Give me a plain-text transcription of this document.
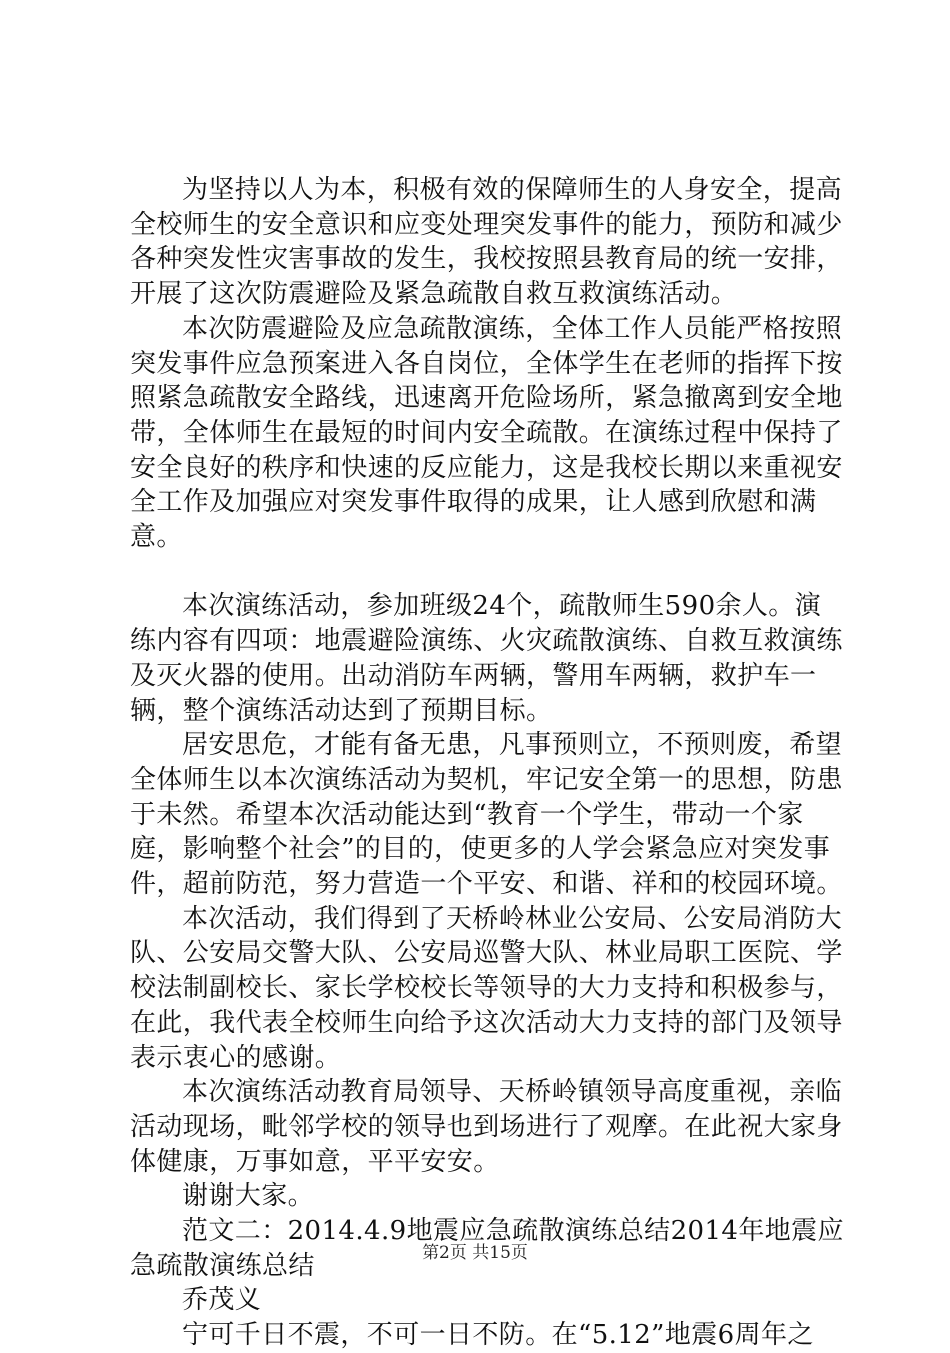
为坚持以人为本，积极有效的保障师生的人身安全，提高全校师生的安全意识和应变处理突发事件的能力，预防和减少各种突发性灾害事故的发生，我校按照县教育局的统一安排，开展了这次防震避险及紧急疏散自救互救演练活动。

本次防震避险及应急疏散演练，全体工作人员能严格按照突发事件应急预案进入各自岗位，全体学生在老师的指挥下按照紧急疏散安全路线，迅速离开危险场所，紧急撤离到安全地带，全体师生在最短的时间内安全疏散。在演练过程中保持了安全良好的秩序和快速的反应能力，这是我校长期以来重视安全工作及加强应对突发事件取得的成果，让人感到欣慰和满意。

本次演练活动，参加班级24个，疏散师生590余人。演练内容有四项：地震避险演练、火灾疏散演练、自救互救演练及灭火器的使用。出动消防车两辆，警用车两辆，救护车一辆，整个演练活动达到了预期目标。

居安思危，才能有备无患，凡事预则立，不预则废，希望全体师生以本次演练活动为契机，牢记安全第一的思想，防患于未然。希望本次活动能达到“教育一个学生，带动一个家庭，影响整个社会”的目的，使更多的人学会紧急应对突发事件，超前防范，努力营造一个平安、和谐、祥和的校园环境。

本次活动，我们得到了天桥岭林业公安局、公安局消防大队、公安局交警大队、公安局巡警大队、林业局职工医院、学校法制副校长、家长学校校长等领导的大力支持和积极参与，在此，我代表全校师生向给予这次活动大力支持的部门及领导表示衷心的感谢。

本次演练活动教育局领导、天桥岭镇领导高度重视，亲临活动现场，毗邻学校的领导也到场进行了观摩。在此祝大家身体健康，万事如意，平平安安。

谢谢大家。

范文二：2014.4.9地震应急疏散演练总结2014年地震应急疏散演练总结

乔茂义

宁可千日不震，不可一日不防。在“5.12”地震6周年之

第2页 共15页
